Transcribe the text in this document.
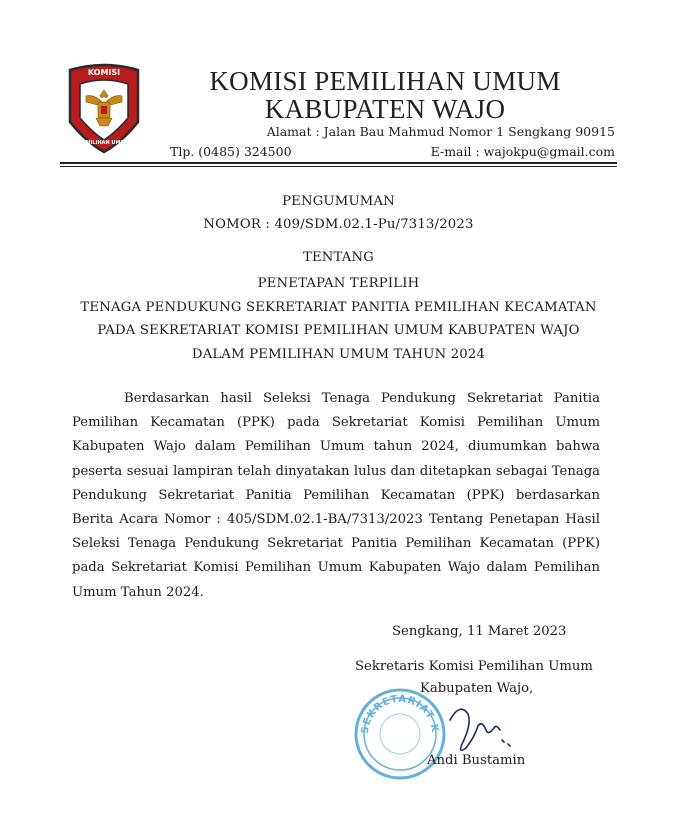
KOMISI
PEMILIHAN UMUM
KOMISI PEMILIHAN UMUM
KABUPATEN WAJO
Alamat : Jalan Bau Mahmud Nomor 1 Sengkang 90915
Tlp. (0485) 324500	E-mail : wajokpu@gmail.com
PENGUMUMAN
NOMOR : 409/SDM.02.1-Pu/7313/2023
TENTANG
PENETAPAN TERPILIH
TENAGA PENDUKUNG SEKRETARIAT PANITIA PEMILIHAN KECAMATAN
PADA SEKRETARIAT KOMISI PEMILIHAN UMUM KABUPATEN WAJO
DALAM PEMILIHAN UMUM TAHUN 2024

Berdasarkan hasil Seleksi Tenaga Pendukung Sekretariat Panitia Pemilihan Kecamatan (PPK) pada Sekretariat Komisi Pemilihan Umum Kabupaten Wajo dalam Pemilihan Umum tahun 2024, diumumkan bahwa peserta sesuai lampiran telah dinyatakan lulus dan ditetapkan sebagai Tenaga Pendukung Sekretariat Panitia Pemilihan Kecamatan (PPK) berdasarkan Berita Acara Nomor : 405/SDM.02.1-BA/7313/2023 Tentang Penetapan Hasil Seleksi Tenaga Pendukung Sekretariat Panitia Pemilihan Kecamatan (PPK) pada Sekretariat Komisi Pemilihan Umum Kabupaten Wajo dalam Pemilihan Umum Tahun 2024.

Sengkang, 11 Maret 2023
Sekretaris Komisi Pemilihan Umum
Kabupaten Wajo,
SEKRETARIAT K
Andi Bustamin
